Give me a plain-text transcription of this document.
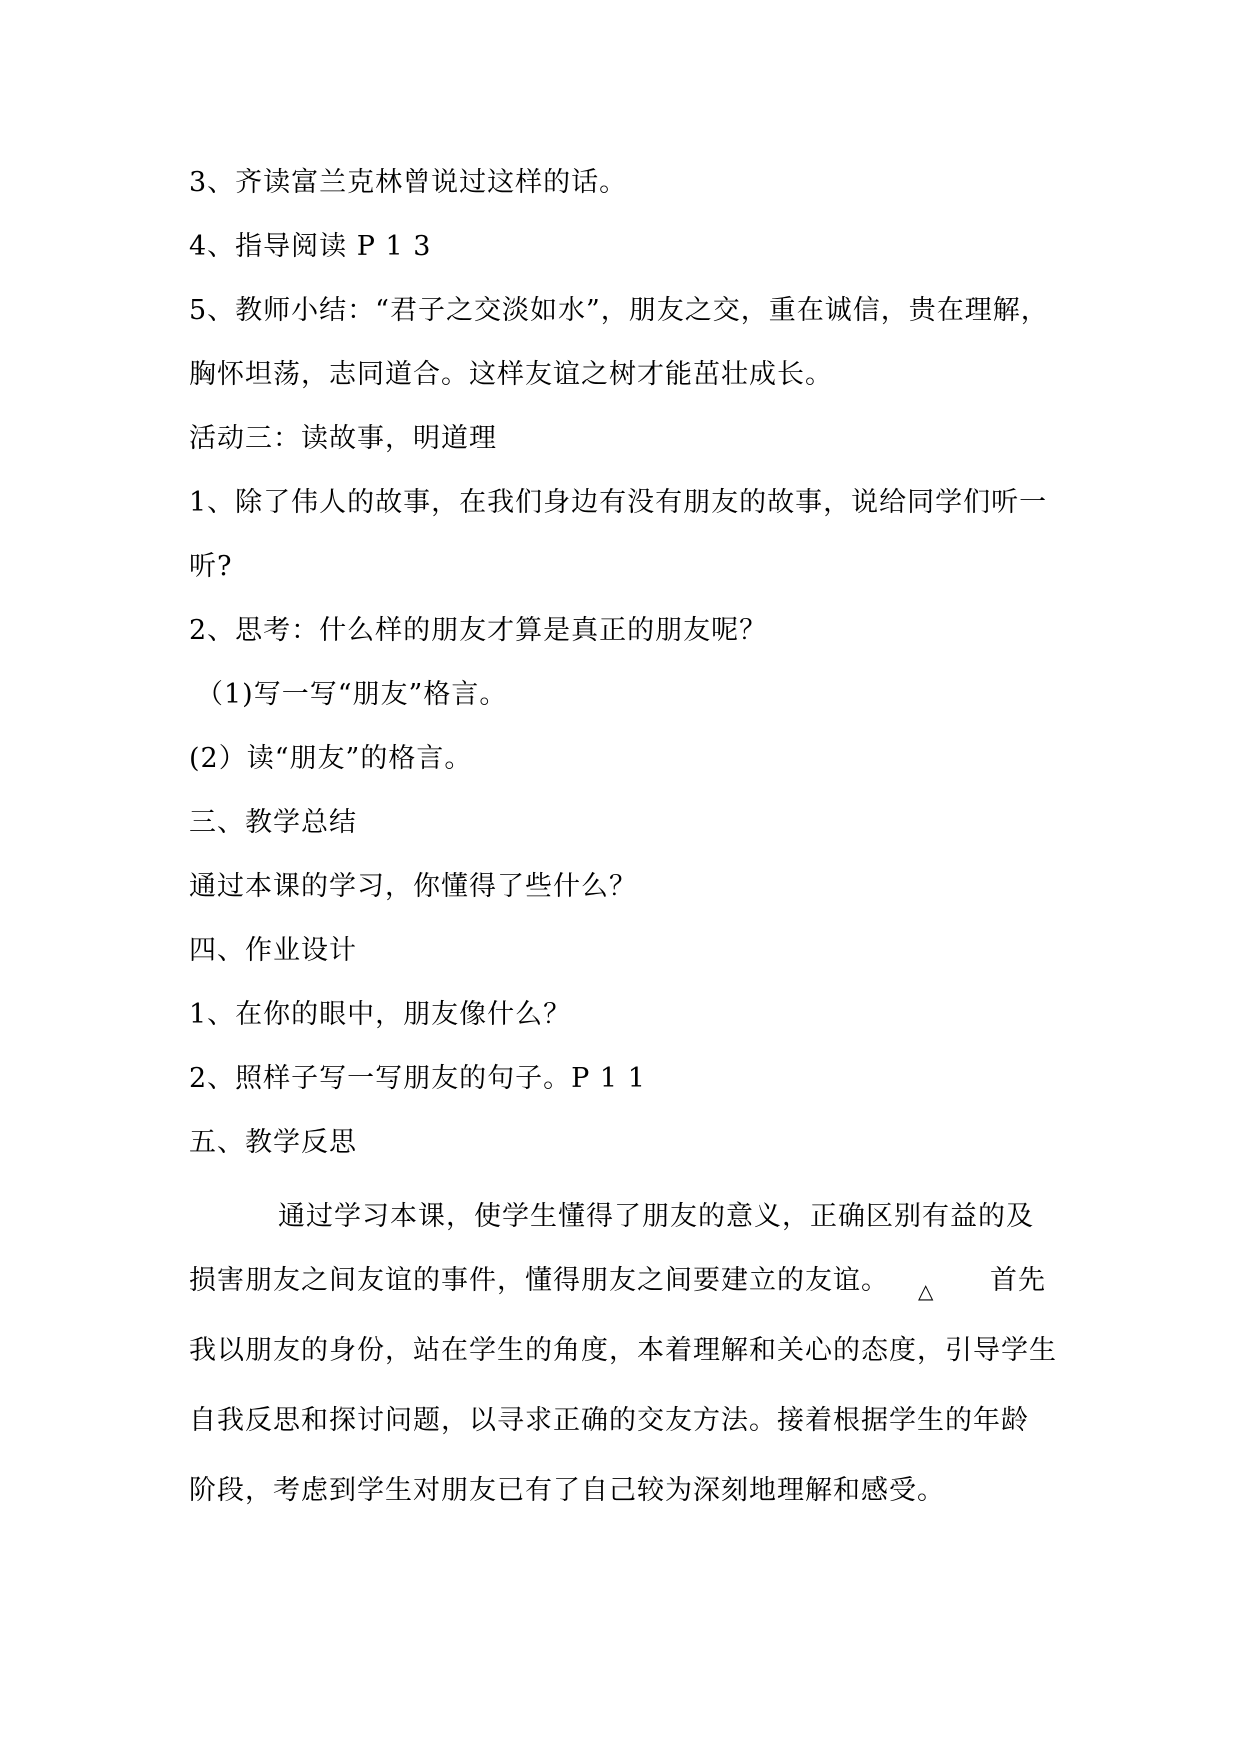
3、齐读富兰克林曾说过这样的话。
4、指导阅读 P 1 3
5、教师小结：“君子之交淡如水”，朋友之交，重在诚信，贵在理解，
胸怀坦荡，志同道合。这样友谊之树才能茁壮成长。
活动三：读故事，明道理
1、除了伟人的故事，在我们身边有没有朋友的故事，说给同学们听一
听?
2、思考：什么样的朋友才算是真正的朋友呢？
（1)写一写“朋友”格言。
(2）读“朋友”的格言。
三、教学总结
通过本课的学习，你懂得了些什么？
四、作业设计
1、在你的眼中，朋友像什么？
2、照样子写一写朋友的句子。P 1 1
五、教学反思
通过学习本课，使学生懂得了朋友的意义，正确区别有益的及
损害朋友之间友谊的事件，懂得朋友之间要建立的友谊。 △ 首先
我以朋友的身份，站在学生的角度，本着理解和关心的态度，引导学生
自我反思和探讨问题，以寻求正确的交友方法。接着根据学生的年龄
阶段，考虑到学生对朋友已有了自己较为深刻地理解和感受。
